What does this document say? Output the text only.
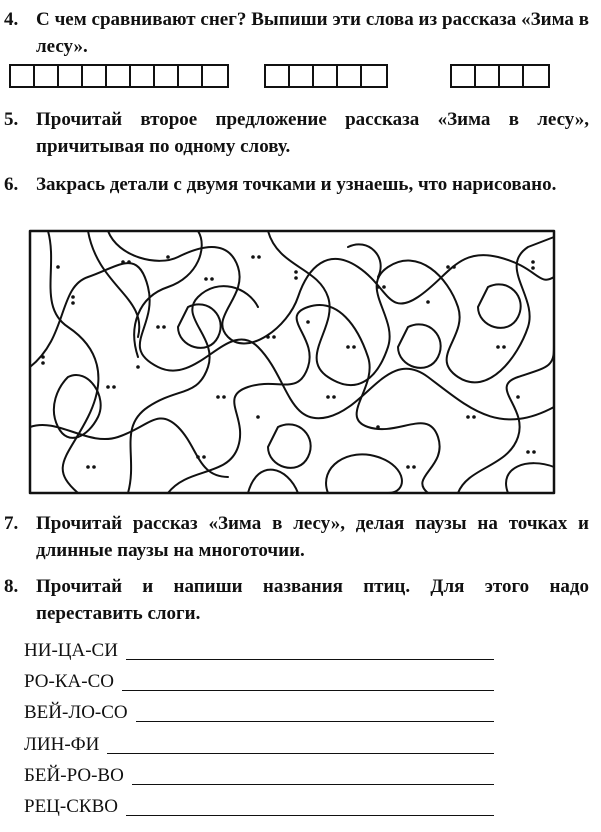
4. С чем сравнивают снег? Выпиши эти слова из рассказа «Зима в лесу».
5. Прочитай второе предложение рассказа «Зима в лесу», причитывая по одному слову.
6. Закрась детали с двумя точками и узнаешь, что нарисовано.
7. Прочитай рассказ «Зима в лесу», делая паузы на точках и длинные паузы на многоточии.
8. Прочитай и напиши названия птиц. Для этого надо переставить слоги.
НИ-ЦА-СИ
РО-КА-СО
ВЕЙ-ЛО-СО
ЛИН-ФИ
БЕЙ-РО-ВО
РЕЦ-СКВО
